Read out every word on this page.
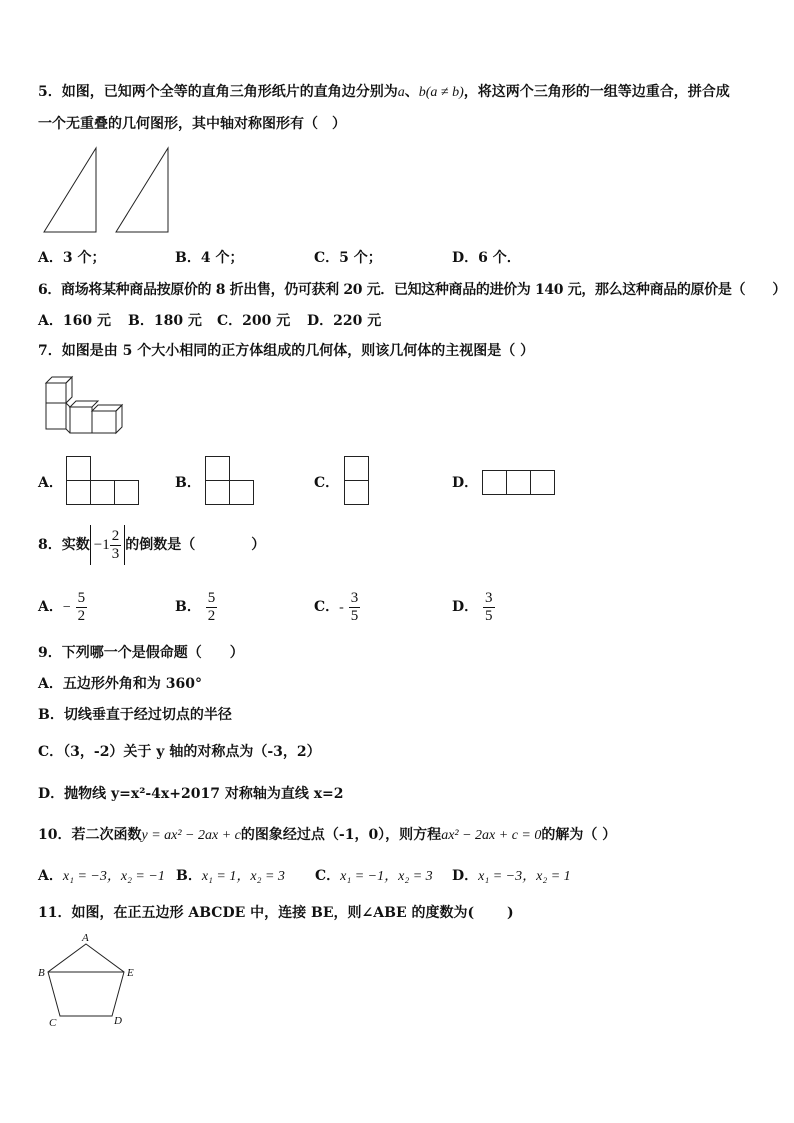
5．如图，已知两个全等的直角三角形纸片的直角边分别为a、b(a ≠ b)，将这两个三角形的一组等边重合，拼合成
一个无重叠的几何图形，其中轴对称图形有（　）
A．3 个；	B．4 个；	C．5 个；	D．6 个．
6．商场将某种商品按原价的 8 折出售，仍可获利 20 元．已知这种商品的进价为 140 元，那么这种商品的原价是（　　）
A．160 元 B．180 元 C．200 元 D．220 元
7．如图是由 5 个大小相同的正方体组成的几何体，则该几何体的主视图是（ ）
A．	B．	C．	D．
8．实数 $-1 \frac{2}{3}$ 的倒数是（　　　　）
A．− $\frac{5}{2}$	B． $\frac{5}{2}$	C．- $\frac{3}{5}$	D． $\frac{3}{5}$
9．下列哪一个是假命题（　　）
A．五边形外角和为 360°
B．切线垂直于经过切点的半径
C．（3，-2）关于 y 轴的对称点为（-3，2）
D．抛物线 y=x²-4x+2017 对称轴为直线 x=2
10．若二次函数y = ax² − 2ax + c的图象经过点（-1，0），则方程ax² − 2ax + c = 0的解为（ ）
A．x₁ = −3，x₂ = −1 B．x₁ = 1，x₂ = 3 C．x₁ = −1，x₂ = 3 D．x₁ = −3，x₂ = 1
11．如图，在正五边形 ABCDE 中，连接 BE，则∠ABE 的度数为(　　 )
A
B	E
C	D
